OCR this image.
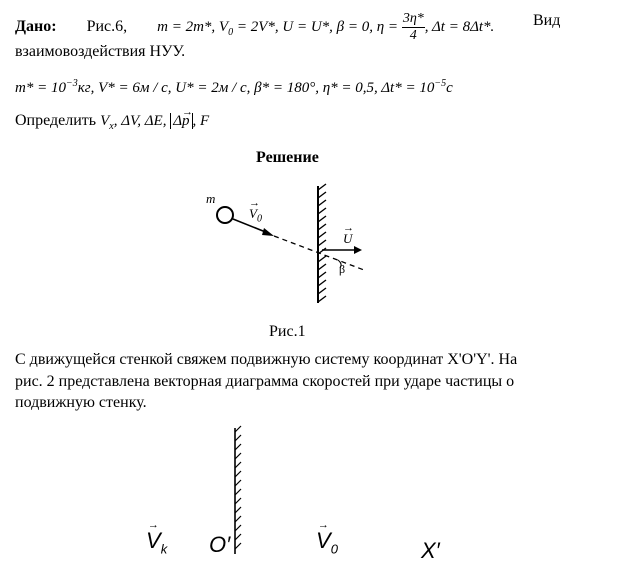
Дано: Рис.6, m = 2m*, $V_0 = 2V*$, U = U*, β = 0, $\eta = \frac{3\eta*}{4}$ , Δt = 8Δt*. Вид
взаимовоздействия НУУ.
$m* = 10^{-3}кг$, V* = 6м / с, U* = 2м / с, β* = 180°, η* = 0,5, $\Delta t* = 10^{-5}с$
Определить $V_x$, ΔV, ΔE, Δ→ p , F
Решение
m
→ $V_0$
→ U
β
Рис.1
С движущейся стенкой свяжем подвижную систему координат X'O'Y'. На
рис. 2 представлена векторная диаграмма скоростей при ударе частицы о
подвижную стенку.
→ $V_k$ O′
→	$V_0$	X′
